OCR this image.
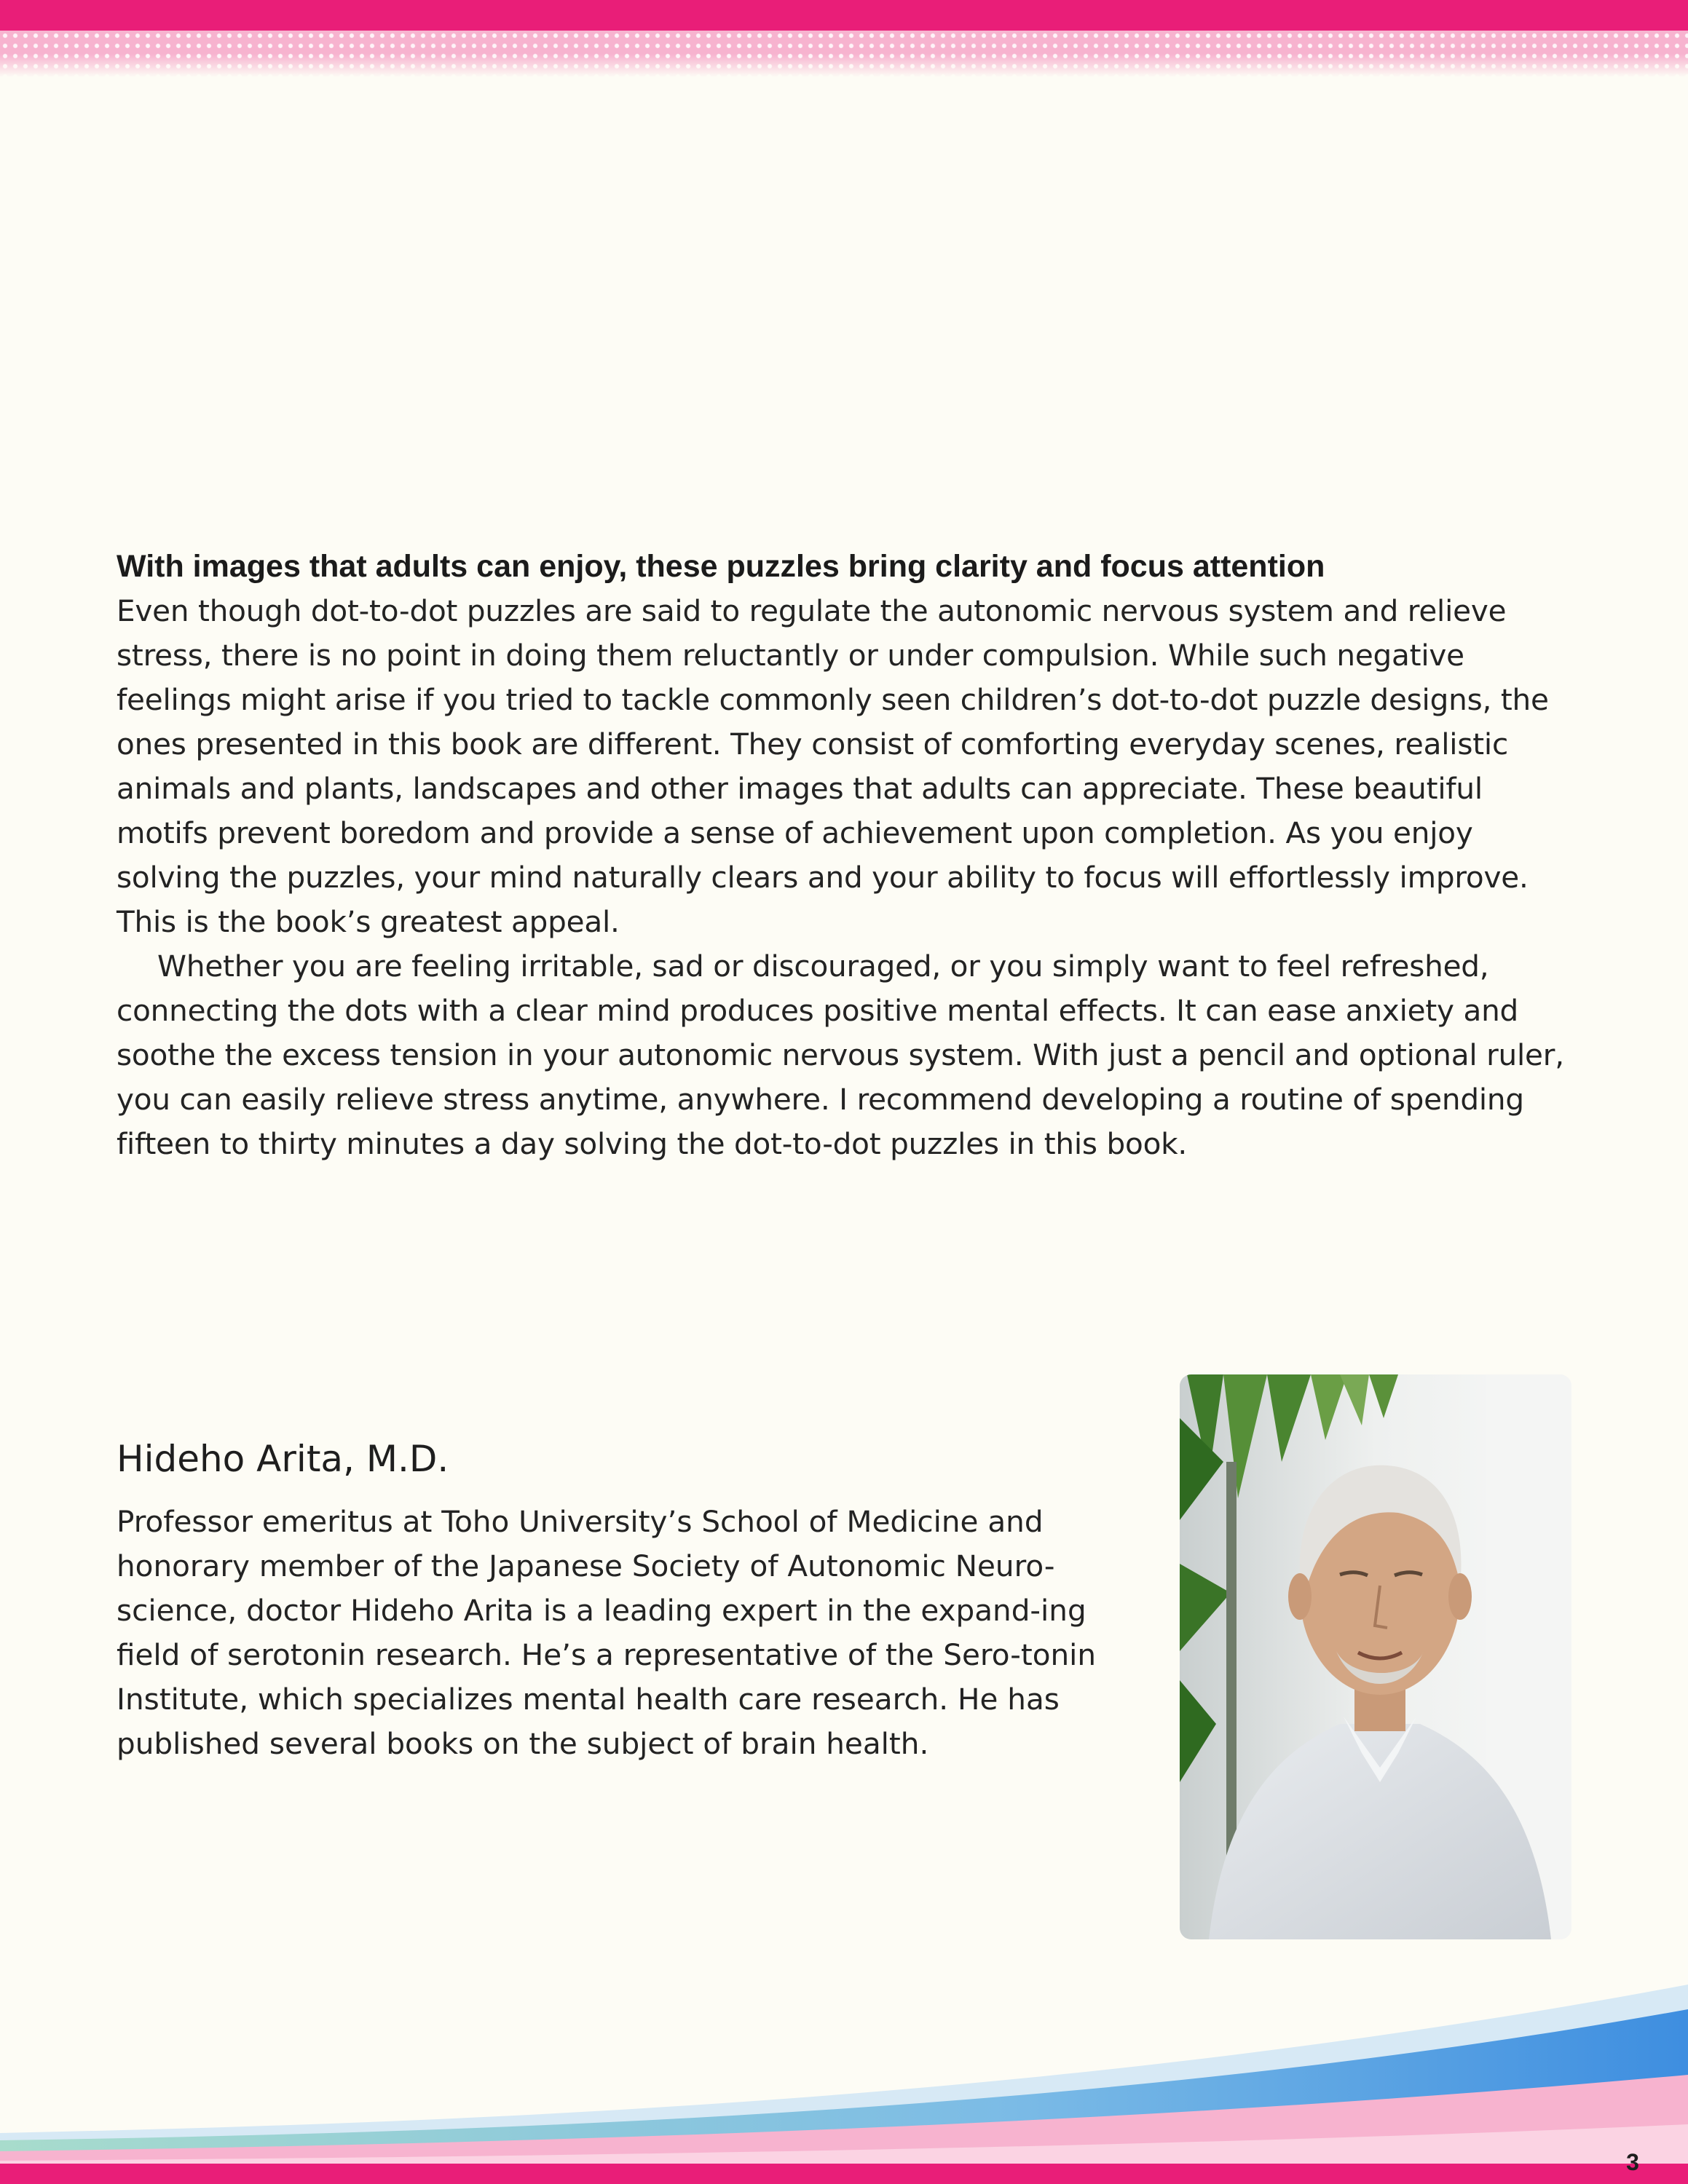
With images that adults can enjoy, these puzzles bring clarity and focus attention

Even though dot-to-dot puzzles are said to regulate the autonomic nervous system and relieve stress, there is no point in doing them reluctantly or under compulsion. While such negative feelings might arise if you tried to tackle commonly seen children’s dot-to-dot puzzle designs, the ones presented in this book are different. They consist of comforting everyday scenes, realistic animals and plants, landscapes and other images that adults can appreciate. These beautiful motifs prevent boredom and provide a sense of achievement upon completion. As you enjoy solving the puzzles, your mind naturally clears and your ability to focus will effortlessly improve. This is the book’s greatest appeal.

Whether you are feeling irritable, sad or discouraged, or you simply want to feel refreshed, connecting the dots with a clear mind produces positive mental effects. It can ease anxiety and soothe the excess tension in your autonomic nervous system. With just a pencil and optional ruler, you can easily relieve stress anytime, anywhere. I recommend developing a routine of spending fifteen to thirty minutes a day solving the dot-to-dot puzzles in this book.

Hideho Arita, M.D.

Professor emeritus at Toho University’s School of Medicine and honorary member of the Japanese Society of Autonomic Neuro-science, doctor Hideho Arita is a leading expert in the expand-ing field of serotonin research. He’s a representative of the Sero-tonin Institute, which specializes mental health care research. He has published several books on the subject of brain health.

3
